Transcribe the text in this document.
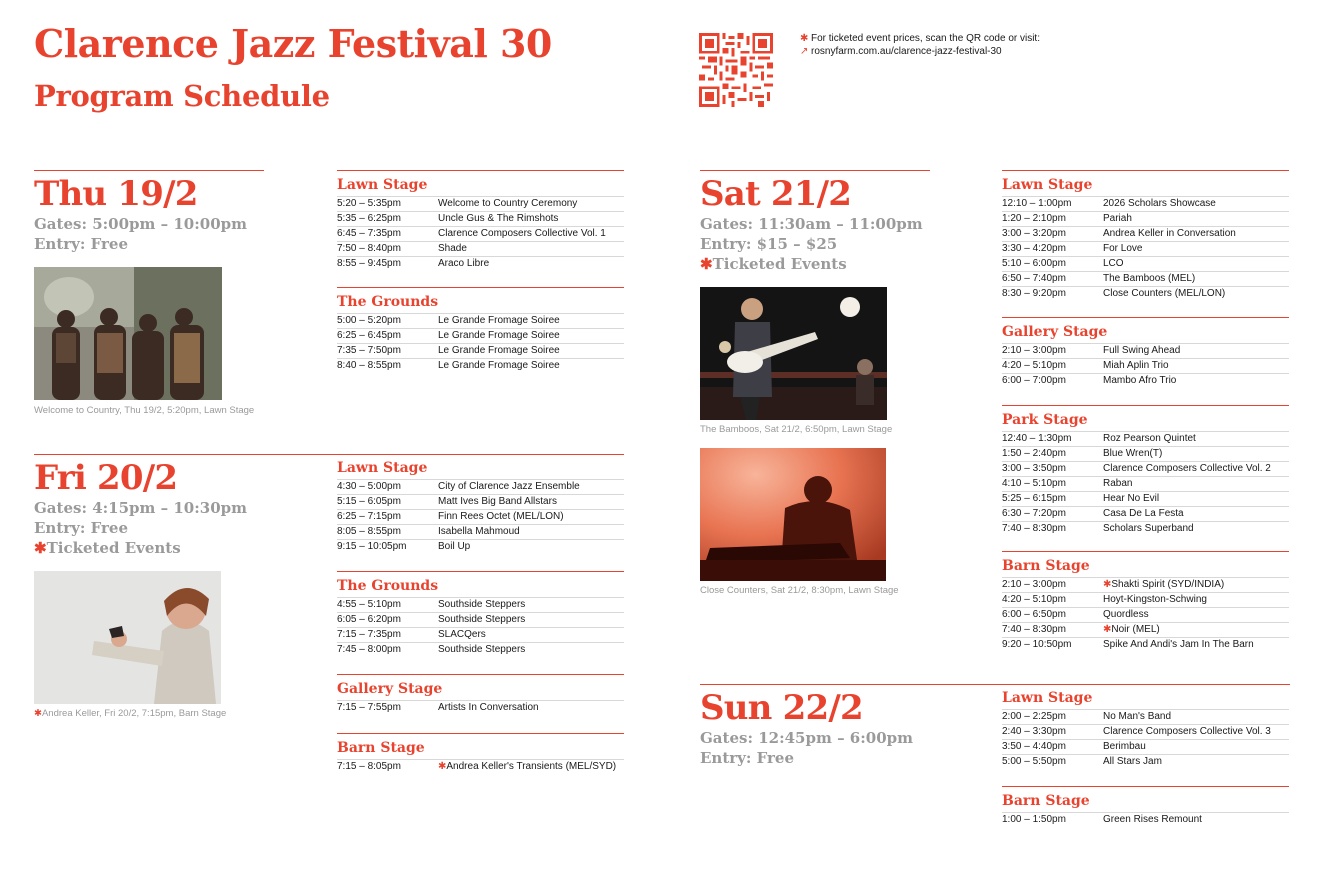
Clarence Jazz Festival 30
Program Schedule
✱ For ticketed event prices, scan the QR code or visit:
↗ rosnyfarm.com.au/clarence-jazz-festival-30
Thu 19/2
Gates: 5:00pm – 10:00pm
Entry: Free
Welcome to Country, Thu 19/2, 5:20pm, Lawn Stage
Lawn Stage
5:20 – 5:35pm	Welcome to Country Ceremony
5:35 – 6:25pm	Uncle Gus & The Rimshots
6:45 – 7:35pm	Clarence Composers Collective Vol. 1
7:50 – 8:40pm	Shade
8:55 – 9:45pm	Araco Libre
The Grounds
5:00 – 5:20pm	Le Grande Fromage Soiree
6:25 – 6:45pm	Le Grande Fromage Soiree
7:35 – 7:50pm	Le Grande Fromage Soiree
8:40 – 8:55pm	Le Grande Fromage Soiree
Fri 20/2
Gates: 4:15pm – 10:30pm
Entry: Free
✱Ticketed Events
✱Andrea Keller, Fri 20/2, 7:15pm, Barn Stage
Lawn Stage
4:30 – 5:00pm	City of Clarence Jazz Ensemble
5:15 – 6:05pm	Matt Ives Big Band Allstars
6:25 – 7:15pm	Finn Rees Octet (MEL/LON)
8:05 – 8:55pm	Isabella Mahmoud
9:15 – 10:05pm	Boil Up
The Grounds
4:55 – 5:10pm	Southside Steppers
6:05 – 6:20pm	Southside Steppers
7:15 – 7:35pm	SLACQers
7:45 – 8:00pm	Southside Steppers
Gallery Stage
7:15 – 7:55pm	Artists In Conversation
Barn Stage
7:15 – 8:05pm	✱Andrea Keller's Transients (MEL/SYD)
Sat 21/2
Gates: 11:30am – 11:00pm
Entry: $15 – $25
✱Ticketed Events
The Bamboos, Sat 21/2, 6:50pm, Lawn Stage
Close Counters, Sat 21/2, 8:30pm, Lawn Stage
Lawn Stage
12:10 – 1:00pm	2026 Scholars Showcase
1:20 – 2:10pm	Pariah
3:00 – 3:20pm	Andrea Keller in Conversation
3:30 – 4:20pm	For Love
5:10 – 6:00pm	LCO
6:50 – 7:40pm	The Bamboos (MEL)
8:30 – 9:20pm	Close Counters (MEL/LON)
Gallery Stage
2:10 – 3:00pm	Full Swing Ahead
4:20 – 5:10pm	Miah Aplin Trio
6:00 – 7:00pm	Mambo Afro Trio
Park Stage
12:40 – 1:30pm	Roz Pearson Quintet
1:50 – 2:40pm	Blue Wren(T)
3:00 – 3:50pm	Clarence Composers Collective Vol. 2
4:10 – 5:10pm	Raban
5:25 – 6:15pm	Hear No Evil
6:30 – 7:20pm	Casa De La Festa
7:40 – 8:30pm	Scholars Superband
Barn Stage
2:10 – 3:00pm	✱Shakti Spirit (SYD/INDIA)
4:20 – 5:10pm	Hoyt-Kingston-Schwing
6:00 – 6:50pm	Quordless
7:40 – 8:30pm	✱Noir (MEL)
9:20 – 10:50pm	Spike And Andi's Jam In The Barn
Sun 22/2
Gates: 12:45pm – 6:00pm
Entry: Free
Lawn Stage
2:00 – 2:25pm	No Man's Band
2:40 – 3:30pm	Clarence Composers Collective Vol. 3
3:50 – 4:40pm	Berimbau
5:00 – 5:50pm	All Stars Jam
Barn Stage
1:00 – 1:50pm	Green Rises Remount
